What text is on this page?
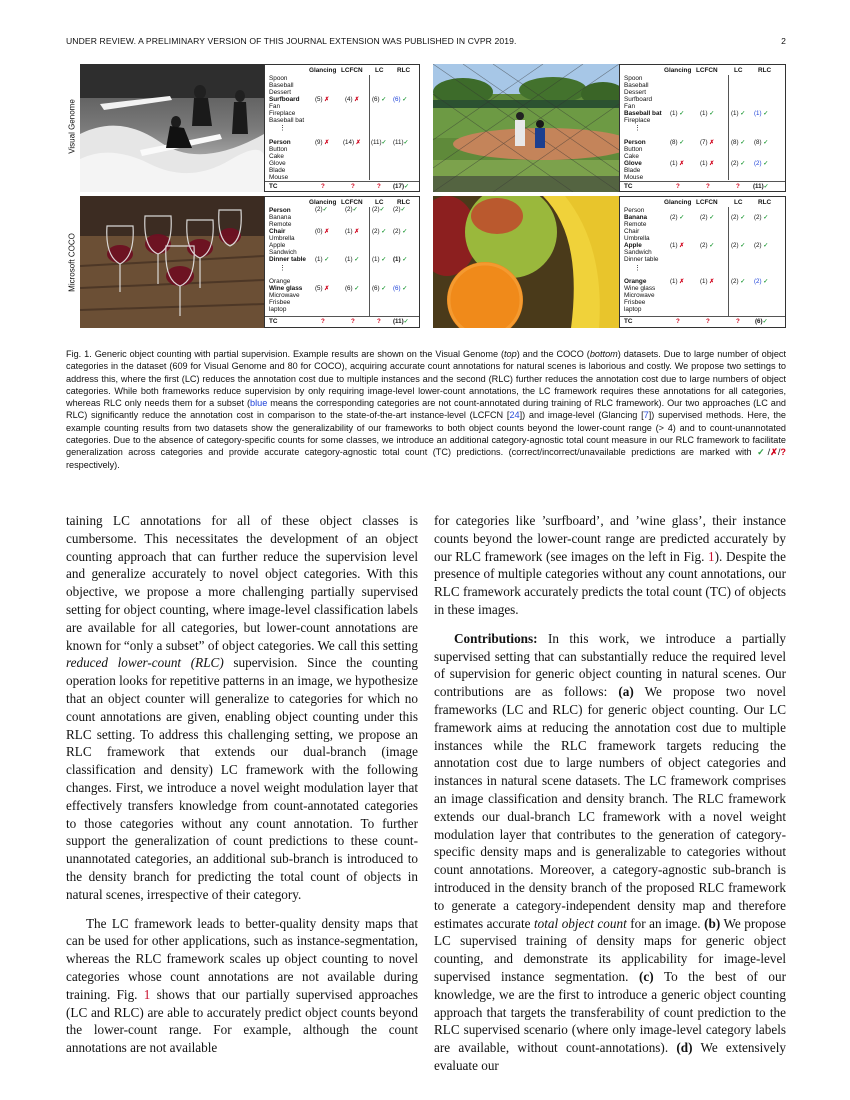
UNDER REVIEW. A PRELIMINARY VERSION OF THIS JOURNAL EXTENSION WAS PUBLISHED IN CVPR 2019.	2
Visual Genome
Microsoft COCO
Glancing LCFCN LC RLC
Spoon
Baseball
Dessert
Surfboard (5) ✗	(4) ✗ (6) ✓ (6) ✓
Fan
Fireplace
Baseball bat
⋮
Person	(9) ✗ (14) ✗ (11)✓ (11)✓
Button
Cake
Glove
Blade
Mouse
TC	?	?	? (17)✓
Glancing LCFCN	LC RLC
Spoon
Baseball
Dessert
Surfboard
Fan
Baseball bat (1) ✓	(1) ✓	(1) ✓ (1) ✓
Fireplace
⋮
Person	(8) ✓	(7) ✗	(8) ✓ (8) ✓
Button
Cake
Glove	(1) ✗	(1) ✗	(2) ✓ (2) ✓
Blade
Mouse
TC	?	?	? (11)✓
Glancing LCFCN LC RLC
Person	(2)✓	(2)✓ (2)✓ (2)✓
Banana
Remote
Chair	(0) ✗	(1) ✗ (2) ✓ (2) ✓
Umbrella
Apple
Sandwich
Dinner table (1) ✓	(1) ✓ (1) ✓ (1) ✓
⋮
Orange
Wine glass (5) ✗	(6) ✓ (6) ✓ (6) ✓
Microwave
Frisbee
laptop
TC	?	?	? (11)✓
Glancing LCFCN	LC RLC
Person
Banana	(2) ✓	(2) ✓	(2) ✓ (2) ✓
Remote
Chair
Umbrella
Apple	(1) ✗	(2) ✓	(2) ✓ (2) ✓
Sandwich
Dinner table
⋮
Orange	(1) ✗	(1) ✗	(2) ✓ (2) ✓
Wine glass
Microwave
Frisbee
laptop
TC	?	?	? (6)✓
Fig. 1. Generic object counting with partial supervision. Example results are shown on the Visual Genome (top) and the COCO (bottom) datasets. Due to large number of object categories in the dataset (609 for Visual Genome and 80 for COCO), acquiring accurate count annotations for natural scenes is laborious and costly. We propose two settings to address this, where the first (LC) reduces the annotation cost due to multiple instances and the second (RLC) further reduces the annotation cost due to large numbers of object categories. While both frameworks reduce supervision by only requiring image-level lower-count annotations, the LC framework requires these annotations for all categories, whereas RLC only needs them for a subset (blue means the corresponding categories are not count-annotated during training of RLC framework). Our two approaches (LC and RLC) significantly reduce the annotation cost in comparison to the state-of-the-art instance-level (LCFCN [24]) and image-level (Glancing [7]) supervised methods. Here, the example counting results from two datasets show the generalizability of our frameworks to both object counts beyond the lower-count range (> 4) and to count-unannotated categories. Due to the absence of category-specific counts for some classes, we introduce an additional category-agnostic total count measure in our RLC framework to facilitate generalization across categories and provide accurate category-agnostic total count (TC) predictions. (correct/incorrect/unavailable predictions are marked with ✓/✗/? respectively).

taining LC annotations for all of these object classes is cumbersome. This necessitates the development of an object counting approach that can further reduce the supervision level and generalize accurately to novel object categories. With this objective, we propose a more challenging partially supervised setting for object counting, where image-level classification labels are available for all categories, but lower-count annotations are known for “only a subset” of object categories. We call this setting reduced lower-count (RLC) supervision. Since the counting operation looks for repetitive patterns in an image, we hypothesize that an object counter will generalize to categories for which no count annotations are given, enabling object counting under this RLC setting. To address this challenging setting, we propose an RLC framework that extends our dual-branch (image classification and density) LC framework with the following changes. First, we introduce a novel weight modulation layer that effectively transfers knowledge from count-annotated categories to those categories without any count annotation. To further support the generalization of count predictions to these count-unannotated categories, an additional sub-branch is introduced to the density branch for predicting the total count of objects in natural scenes, irrespective of their category.

The LC framework leads to better-quality density maps that can be used for other applications, such as instance-segmentation, whereas the RLC framework scales up object counting to novel categories whose count annotations are not available during training. Fig. 1 shows that our partially supervised approaches (LC and RLC) are able to accurately predict object counts beyond the lower-count range. For example, although the count annotations are not available

for categories like ’surfboard’, and ’wine glass’, their instance counts beyond the lower-count range are predicted accurately by our RLC framework (see images on the left in Fig. 1). Despite the presence of multiple categories without any count annotations, our RLC framework accurately predicts the total count (TC) of objects in these images.

Contributions: In this work, we introduce a partially supervised setting that can substantially reduce the required level of supervision for generic object counting in natural scenes. Our contributions are as follows: (a) We propose two novel frameworks (LC and RLC) for generic object counting. Our LC framework aims at reducing the annotation cost due to multiple instances while the RLC framework targets reducing the annotation cost due to large numbers of object categories and instances in natural scene datasets. The LC framework comprises an image classification and density branch. The RLC framework extends our dual-branch LC framework with a novel weight modulation layer that contributes to the generation of category-specific density maps and is generalizable to categories without count annotations. Moreover, a category-agnostic sub-branch is introduced in the density branch of the proposed RLC framework to generate a category-independent density map and therefore estimates accurate total object count for an image. (b) We propose LC supervised training of density maps for generic object counting, and demonstrate its applicability for image-level supervised instance segmentation. (c) To the best of our knowledge, we are the first to introduce a generic object counting approach that targets the transferability of count prediction to the RLC supervised scenario (where only image-level category labels are available, without count-annotations). (d) We extensively evaluate our
